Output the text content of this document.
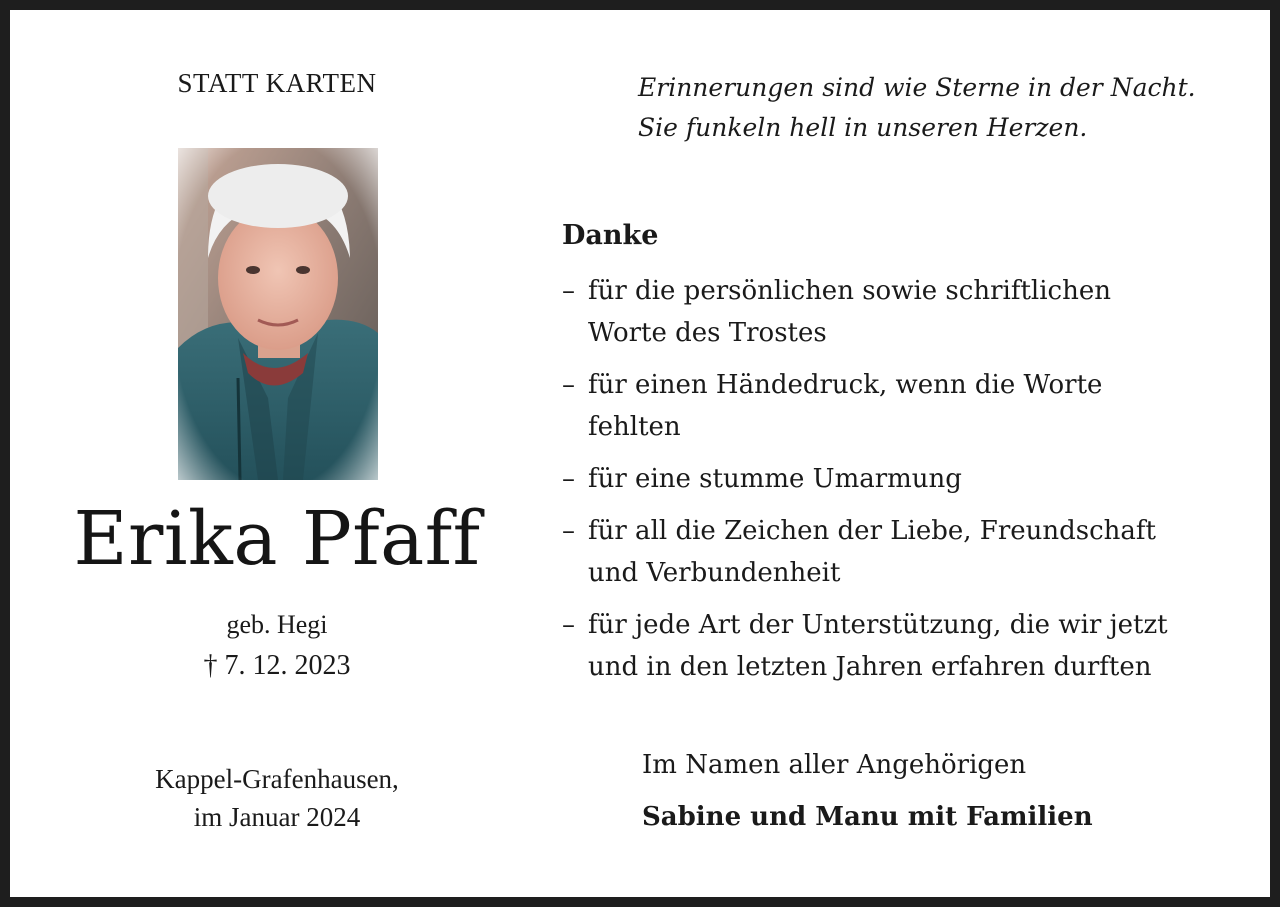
STATT KARTEN
Erika Pfaff
geb. Hegi
† 7. 12. 2023
Kappel-Grafenhausen,
im Januar 2024
Erinnerungen sind wie Sterne in der Nacht.
Sie funkeln hell in unseren Herzen.
Danke
– für die persönlichen sowie schriftlichen
Worte des Trostes
– für einen Händedruck, wenn die Worte
fehlten
– für eine stumme Umarmung
– für all die Zeichen der Liebe, Freundschaft
und Verbundenheit
– für jede Art der Unterstützung, die wir jetzt
und in den letzten Jahren erfahren durften
Im Namen aller Angehörigen
Sabine und Manu mit Familien
